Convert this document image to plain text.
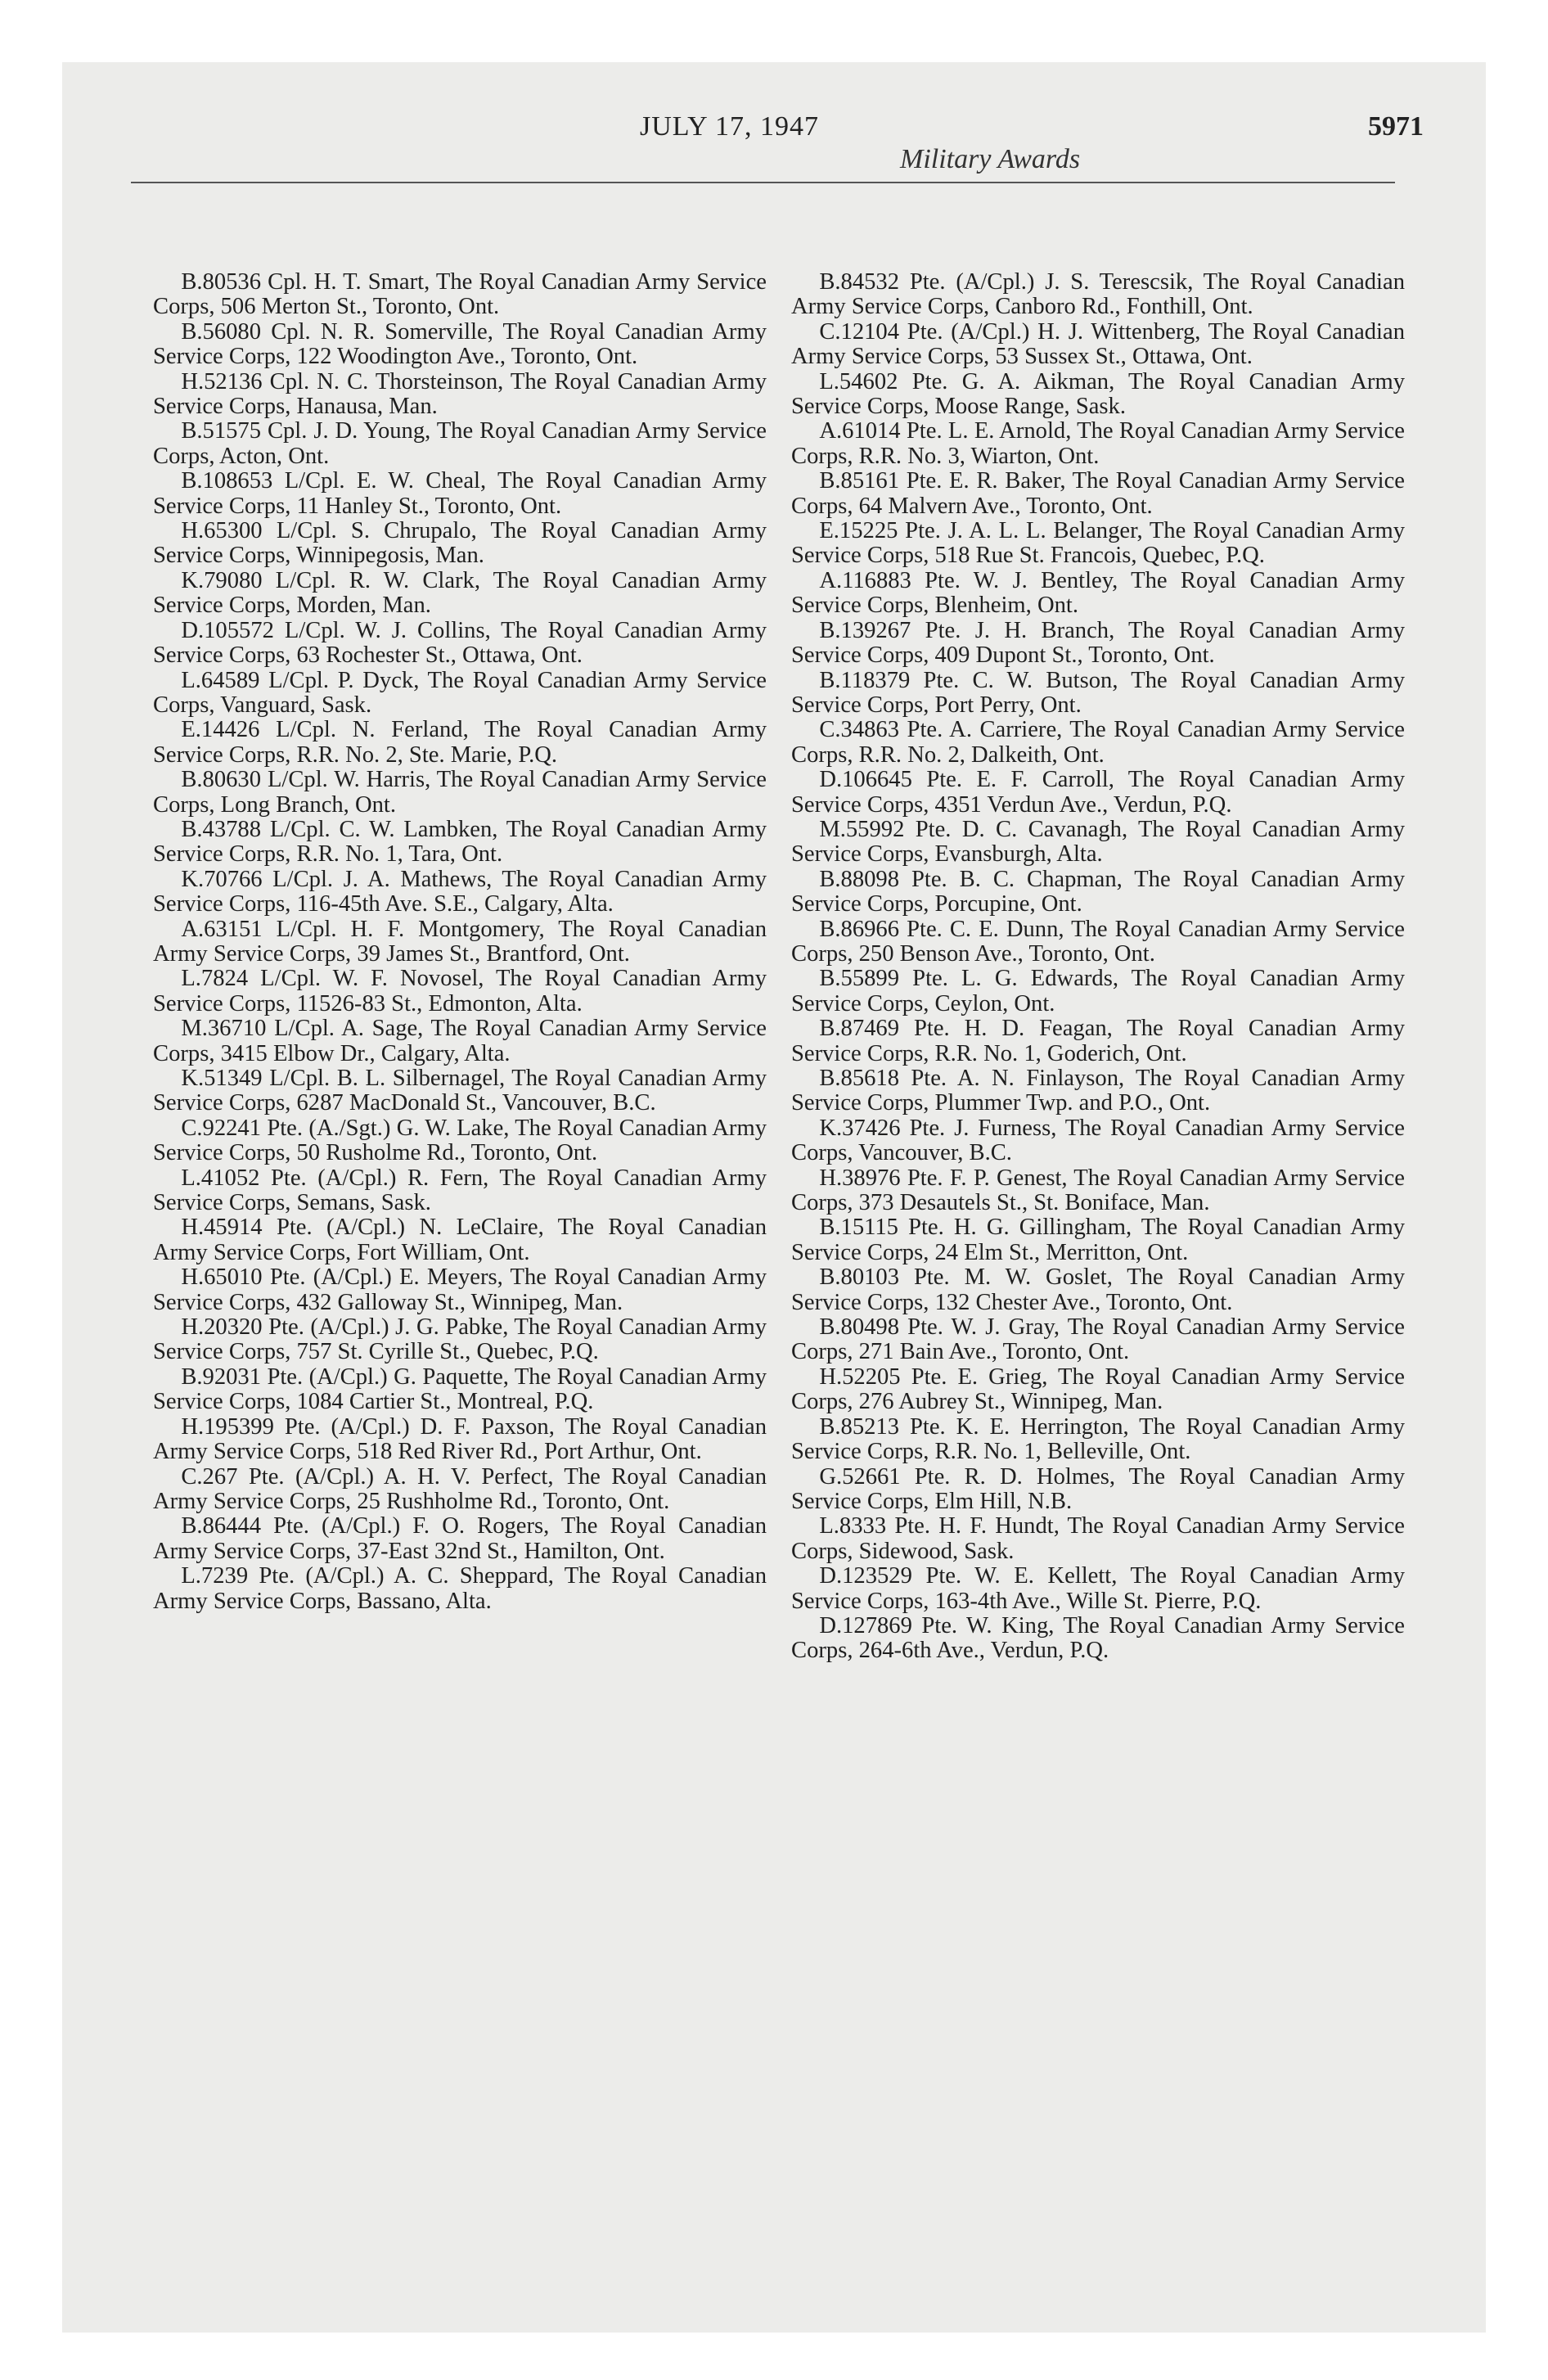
JULY 17, 1947	5971
Military Awards

B.80536 Cpl. H. T. Smart, The Royal Canadian Army Service Corps, 506 Merton St., Toronto, Ont.

B.56080 Cpl. N. R. Somerville, The Royal Canadian Army Service Corps, 122 Woodington Ave., Toronto, Ont.

H.52136 Cpl. N. C. Thorsteinson, The Royal Canadian Army Service Corps, Hanausa, Man.

B.51575 Cpl. J. D. Young, The Royal Canadian Army Service Corps, Acton, Ont.

B.108653 L/Cpl. E. W. Cheal, The Royal Canadian Army Service Corps, 11 Hanley St., Toronto, Ont.

H.65300 L/Cpl. S. Chrupalo, The Royal Canadian Army Service Corps, Winnipegosis, Man.

K.79080 L/Cpl. R. W. Clark, The Royal Canadian Army Service Corps, Morden, Man.

D.105572 L/Cpl. W. J. Collins, The Royal Canadian Army Service Corps, 63 Rochester St., Ottawa, Ont.

L.64589 L/Cpl. P. Dyck, The Royal Canadian Army Service Corps, Vanguard, Sask.

E.14426 L/Cpl. N. Ferland, The Royal Canadian Army Service Corps, R.R. No. 2, Ste. Marie, P.Q.

B.80630 L/Cpl. W. Harris, The Royal Canadian Army Service Corps, Long Branch, Ont.

B.43788 L/Cpl. C. W. Lambken, The Royal Canadian Army Service Corps, R.R. No. 1, Tara, Ont.

K.70766 L/Cpl. J. A. Mathews, The Royal Canadian Army Service Corps, 116-45th Ave. S.E., Calgary, Alta.

A.63151 L/Cpl. H. F. Montgomery, The Royal Canadian Army Service Corps, 39 James St., Brantford, Ont.

L.7824 L/Cpl. W. F. Novosel, The Royal Canadian Army Service Corps, 11526-83 St., Edmonton, Alta.

M.36710 L/Cpl. A. Sage, The Royal Canadian Army Service Corps, 3415 Elbow Dr., Calgary, Alta.

K.51349 L/Cpl. B. L. Silbernagel, The Royal Canadian Army Service Corps, 6287 MacDonald St., Vancouver, B.C.

C.92241 Pte. (A./Sgt.) G. W. Lake, The Royal Canadian Army Service Corps, 50 Rusholme Rd., Toronto, Ont.

L.41052 Pte. (A/Cpl.) R. Fern, The Royal Canadian Army Service Corps, Semans, Sask.

H.45914 Pte. (A/Cpl.) N. LeClaire, The Royal Canadian Army Service Corps, Fort William, Ont.

H.65010 Pte. (A/Cpl.) E. Meyers, The Royal Canadian Army Service Corps, 432 Galloway St., Winnipeg, Man.

H.20320 Pte. (A/Cpl.) J. G. Pabke, The Royal Canadian Army Service Corps, 757 St. Cyrille St., Quebec, P.Q.

B.92031 Pte. (A/Cpl.) G. Paquette, The Royal Canadian Army Service Corps, 1084 Cartier St., Montreal, P.Q.

H.195399 Pte. (A/Cpl.) D. F. Paxson, The Royal Canadian Army Service Corps, 518 Red River Rd., Port Arthur, Ont.

C.267 Pte. (A/Cpl.) A. H. V. Perfect, The Royal Canadian Army Service Corps, 25 Rushholme Rd., Toronto, Ont.

B.86444 Pte. (A/Cpl.) F. O. Rogers, The Royal Canadian Army Service Corps, 37-East 32nd St., Hamilton, Ont.

L.7239 Pte. (A/Cpl.) A. C. Sheppard, The Royal Canadian Army Service Corps, Bassano, Alta.

B.84532 Pte. (A/Cpl.) J. S. Terescsik, The Royal Canadian Army Service Corps, Canboro Rd., Fonthill, Ont.

C.12104 Pte. (A/Cpl.) H. J. Wittenberg, The Royal Canadian Army Service Corps, 53 Sussex St., Ottawa, Ont.

L.54602 Pte. G. A. Aikman, The Royal Canadian Army Service Corps, Moose Range, Sask.

A.61014 Pte. L. E. Arnold, The Royal Canadian Army Service Corps, R.R. No. 3, Wiarton, Ont.

B.85161 Pte. E. R. Baker, The Royal Canadian Army Service Corps, 64 Malvern Ave., Toronto, Ont.

E.15225 Pte. J. A. L. L. Belanger, The Royal Canadian Army Service Corps, 518 Rue St. Francois, Quebec, P.Q.

A.116883 Pte. W. J. Bentley, The Royal Canadian Army Service Corps, Blenheim, Ont.

B.139267 Pte. J. H. Branch, The Royal Canadian Army Service Corps, 409 Dupont St., Toronto, Ont.

B.118379 Pte. C. W. Butson, The Royal Canadian Army Service Corps, Port Perry, Ont.

C.34863 Pte. A. Carriere, The Royal Canadian Army Service Corps, R.R. No. 2, Dalkeith, Ont.

D.106645 Pte. E. F. Carroll, The Royal Canadian Army Service Corps, 4351 Verdun Ave., Verdun, P.Q.

M.55992 Pte. D. C. Cavanagh, The Royal Canadian Army Service Corps, Evansburgh, Alta.

B.88098 Pte. B. C. Chapman, The Royal Canadian Army Service Corps, Porcupine, Ont.

B.86966 Pte. C. E. Dunn, The Royal Canadian Army Service Corps, 250 Benson Ave., Toronto, Ont.

B.55899 Pte. L. G. Edwards, The Royal Canadian Army Service Corps, Ceylon, Ont.

B.87469 Pte. H. D. Feagan, The Royal Canadian Army Service Corps, R.R. No. 1, Goderich, Ont.

B.85618 Pte. A. N. Finlayson, The Royal Canadian Army Service Corps, Plummer Twp. and P.O., Ont.

K.37426 Pte. J. Furness, The Royal Canadian Army Service Corps, Vancouver, B.C.

H.38976 Pte. F. P. Genest, The Royal Canadian Army Service Corps, 373 Desautels St., St. Boniface, Man.

B.15115 Pte. H. G. Gillingham, The Royal Canadian Army Service Corps, 24 Elm St., Merritton, Ont.

B.80103 Pte. M. W. Goslet, The Royal Canadian Army Service Corps, 132 Chester Ave., Toronto, Ont.

B.80498 Pte. W. J. Gray, The Royal Canadian Army Service Corps, 271 Bain Ave., Toronto, Ont.

H.52205 Pte. E. Grieg, The Royal Canadian Army Service Corps, 276 Aubrey St., Winnipeg, Man.

B.85213 Pte. K. E. Herrington, The Royal Canadian Army Service Corps, R.R. No. 1, Belleville, Ont.

G.52661 Pte. R. D. Holmes, The Royal Canadian Army Service Corps, Elm Hill, N.B.

L.8333 Pte. H. F. Hundt, The Royal Canadian Army Service Corps, Sidewood, Sask.

D.123529 Pte. W. E. Kellett, The Royal Canadian Army Service Corps, 163-4th Ave., Wille St. Pierre, P.Q.

D.127869 Pte. W. King, The Royal Canadian Army Service Corps, 264-6th Ave., Verdun, P.Q.
